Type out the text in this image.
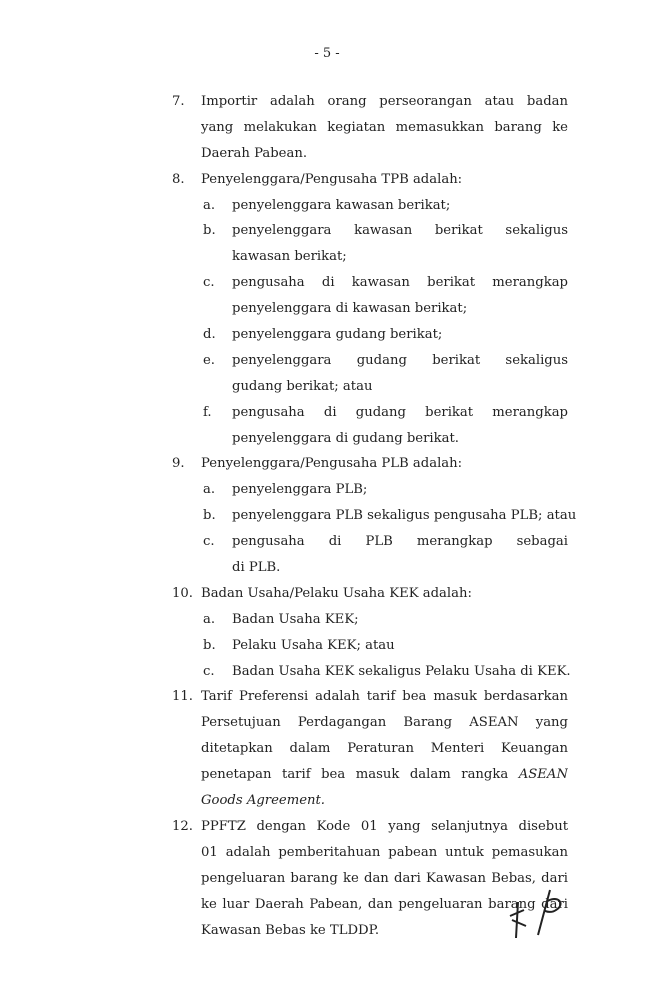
- 5 -
7. Importir adalah orang perseorangan atau badan
yang melakukan kegiatan memasukkan barang ke
Daerah Pabean.
8. Penyelenggara/Pengusaha TPB adalah:
a. penyelenggara kawasan berikat;
b. penyelenggara kawasan berikat sekaligus
kawasan berikat;
c. pengusaha di kawasan berikat merangkap
penyelenggara di kawasan berikat;
d. penyelenggara gudang berikat;
e. penyelenggara gudang berikat sekaligus
gudang berikat; atau
f. pengusaha di gudang berikat merangkap
penyelenggara di gudang berikat.
9. Penyelenggara/Pengusaha PLB adalah:
a. penyelenggara PLB;
b. penyelenggara PLB sekaligus pengusaha PLB; atau
c. pengusaha di PLB merangkap sebagai
di PLB.
10. Badan Usaha/Pelaku Usaha KEK adalah:
a. Badan Usaha KEK;
b. Pelaku Usaha KEK; atau
c. Badan Usaha KEK sekaligus Pelaku Usaha di KEK.
11. Tarif Preferensi adalah tarif bea masuk berdasarkan
Persetujuan Perdagangan Barang ASEAN yang
ditetapkan dalam Peraturan Menteri Keuangan
penetapan tarif bea masuk dalam rangka ASEAN
Goods Agreement.
12. PPFTZ dengan Kode 01 yang selanjutnya disebut
01 adalah pemberitahuan pabean untuk pemasukan
pengeluaran barang ke dan dari Kawasan Bebas, dari
ke luar Daerah Pabean, dan pengeluaran barang dari
Kawasan Bebas ke TLDDP.
